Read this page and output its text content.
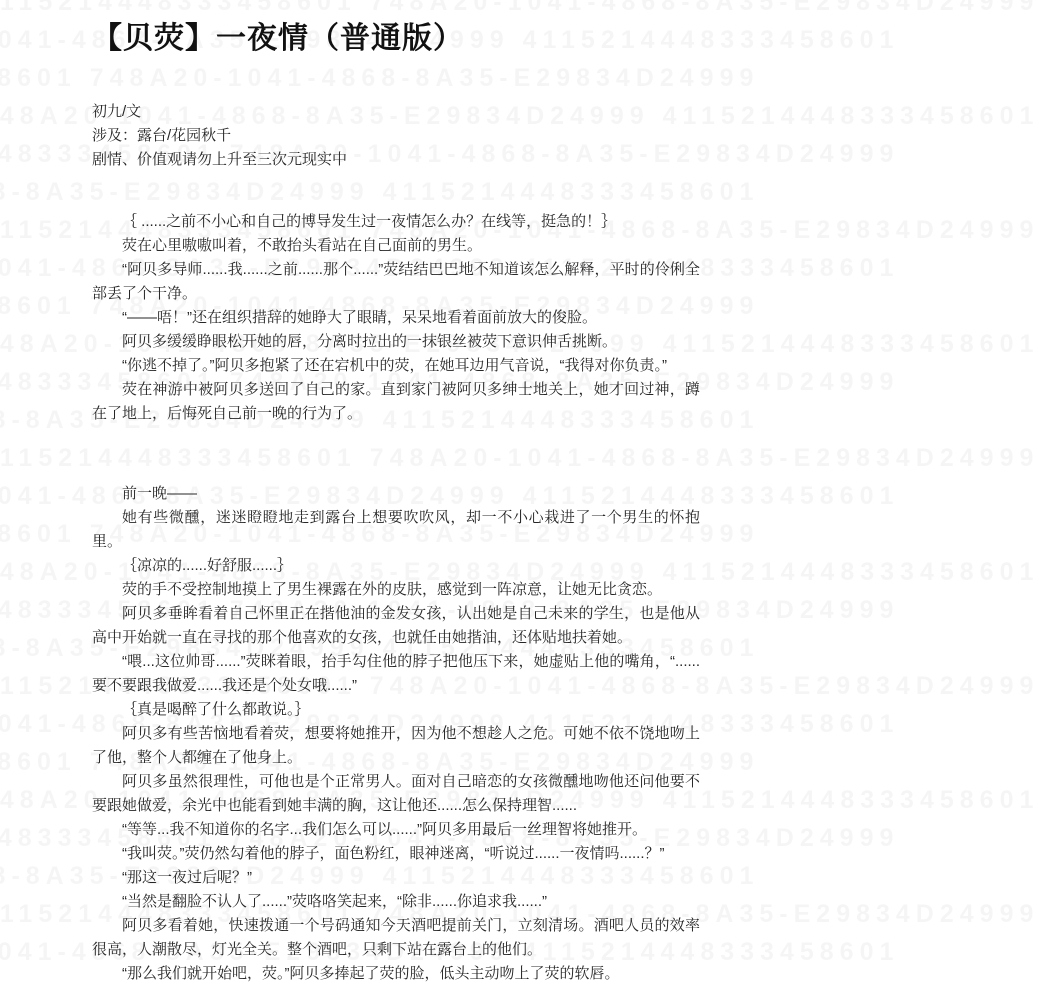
【贝荧】一夜情（普通版）

初九/文

涉及：露台/花园秋千

剧情、价值观请勿上升至三次元现实中

｛ ......之前不小心和自己的博导发生过一夜情怎么办？在线等，挺急的！｝

荧在心里嗷嗷叫着，不敢抬头看站在自己面前的男生。

“阿贝多导师......我......之前......那个......”荧结结巴巴地不知道该怎么解释，平时的伶俐全部丢了个干净。

“——唔！”还在组织措辞的她睁大了眼睛，呆呆地看着面前放大的俊脸。

阿贝多缓缓睁眼松开她的唇，分离时拉出的一抹银丝被荧下意识伸舌挑断。

“你逃不掉了。”阿贝多抱紧了还在宕机中的荧，在她耳边用气音说，“我得对你负责。”

荧在神游中被阿贝多送回了自己的家。直到家门被阿贝多绅士地关上，她才回过神，蹲在了地上，后悔死自己前一晚的行为了。

前一晚——

她有些微醺，迷迷瞪瞪地走到露台上想要吹吹风，却一不小心栽进了一个男生的怀抱里。

｛凉凉的......好舒服......｝

荧的手不受控制地摸上了男生裸露在外的皮肤，感觉到一阵凉意，让她无比贪恋。

阿贝多垂眸看着自己怀里正在揩他油的金发女孩，认出她是自己未来的学生，也是他从高中开始就一直在寻找的那个他喜欢的女孩，也就任由她揩油，还体贴地扶着她。

“喂...这位帅哥......”荧眯着眼，抬手勾住他的脖子把他压下来，她虚贴上他的嘴角，“......要不要跟我做爱......我还是个处女哦......”

｛真是喝醉了什么都敢说。｝

阿贝多有些苦恼地看着荧，想要将她推开，因为他不想趁人之危。可她不依不饶地吻上了他，整个人都缠在了他身上。

阿贝多虽然很理性，可他也是个正常男人。面对自己暗恋的女孩微醺地吻他还问他要不要跟她做爱，余光中也能看到她丰满的胸，这让他还......怎么保持理智......

“等等...我不知道你的名字...我们怎么可以......”阿贝多用最后一丝理智将她推开。

“我叫荧。”荧仍然勾着他的脖子，面色粉红，眼神迷离，“听说过......一夜情吗......？”

“那这一夜过后呢？”

“当然是翻脸不认人了......”荧咯咯笑起来，“除非......你追求我......”

阿贝多看着她，快速拨通一个号码通知今天酒吧提前关门，立刻清场。酒吧人员的效率很高，人潮散尽，灯光全关。整个酒吧，只剩下站在露台上的他们。

“那么我们就开始吧，荧。”阿贝多捧起了荧的脸，低头主动吻上了荧的软唇。
